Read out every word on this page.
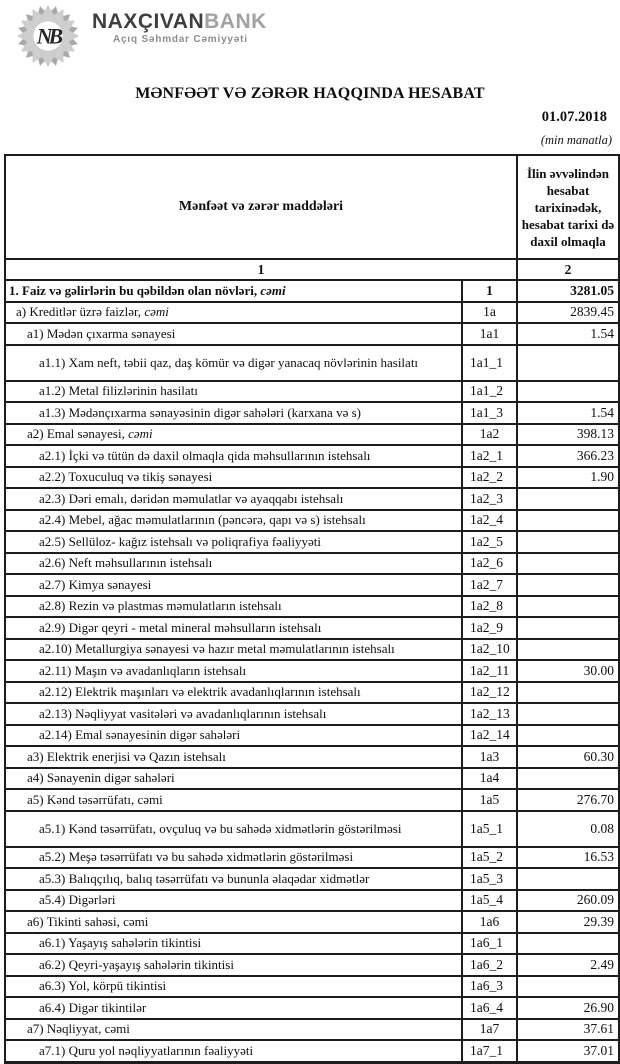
NB
NAXÇIVANBANK
Açıq Səhmdar Cəmiyyəti
MƏNFƏƏT VƏ ZƏRƏR HAQQINDA HESABAT
01.07.2018
(min manatla)
Mənfəət və zərər maddələri		İlin əvvəlindən hesabat tarixinədək, hesabat tarixi də daxil olmaqla
1		2
1. Faiz və gəlirlərin bu qəbildən olan növləri, cəmi	1	3281.05
a) Kreditlər üzrə faizlər, cəmi	1a	2839.45
a1) Mədən çıxarma sənayesi	1a1	1.54
a1.1) Xam neft, təbii qaz, daş kömür və digər yanacaq növlərinin hasilatı	1a1_1	
a1.2) Metal filizlərinin hasilatı	1a1_2	
a1.3) Mədənçıxarma sənayəsinin digər sahələri (karxana və s)	1a1_3	1.54
a2) Emal sənayesi, cəmi	1a2	398.13
a2.1) İçki və tütün də daxil olmaqla qida məhsullarının istehsalı	1a2_1	366.23
a2.2) Toxuculuq və tikiş sənayesi	1a2_2	1.90
a2.3) Dəri emalı, dəridən məmulatlar və ayaqqabı istehsalı	1a2_3	
a2.4) Mebel, ağac məmulatlarının (pəncərə, qapı və s) istehsalı	1a2_4	
a2.5) Sellüloz- kağız istehsalı və poliqrafiya fəaliyyəti	1a2_5	
a2.6) Neft məhsullarının istehsalı	1a2_6	
a2.7) Kimya sənayesi	1a2_7	
a2.8) Rezin və plastmas məmulatların istehsalı	1a2_8	
a2.9) Digər qeyri - metal mineral məhsulların istehsalı	1a2_9	
a2.10) Metallurgiya sənayesi və hazır metal məmulatlarının istehsalı	1a2_10	
a2.11) Maşın və avadanlıqların istehsalı	1a2_11	30.00
a2.12) Elektrik maşınları və elektrik avadanlıqlarının istehsalı	1a2_12	
a2.13) Nəqliyyat vasitələri və avadanlıqlarının istehsalı	1a2_13	
a2.14) Emal sənayesinin digər sahələri	1a2_14	
a3) Elektrik enerjisi və Qazın istehsalı	1a3	60.30
a4) Sənayenin digər sahələri	1a4	
a5) Kənd təsərrüfatı, cəmi	1a5	276.70
a5.1) Kənd təsərrüfatı, ovçuluq və bu sahədə xidmətlərin göstərilməsi	1a5_1	0.08
a5.2) Meşə təsərrüfatı və bu sahədə xidmətlərin göstərilməsi	1a5_2	16.53
a5.3) Balıqçılıq, balıq təsərrüfatı və bununla əlaqədar xidmətlər	1a5_3	
a5.4) Digərləri	1a5_4	260.09
a6) Tikinti sahəsi, cəmi	1a6	29.39
a6.1) Yaşayış sahələrin tikintisi	1a6_1	
a6.2) Qeyri-yaşayış sahələrin tikintisi	1a6_2	2.49
a6.3) Yol, körpü tikintisi	1a6_3	
a6.4) Digər tikintilər	1a6_4	26.90
a7) Nəqliyyat, cəmi	1a7	37.61
a7.1) Quru yol nəqliyyatlarının fəaliyyəti	1a7_1	37.01
